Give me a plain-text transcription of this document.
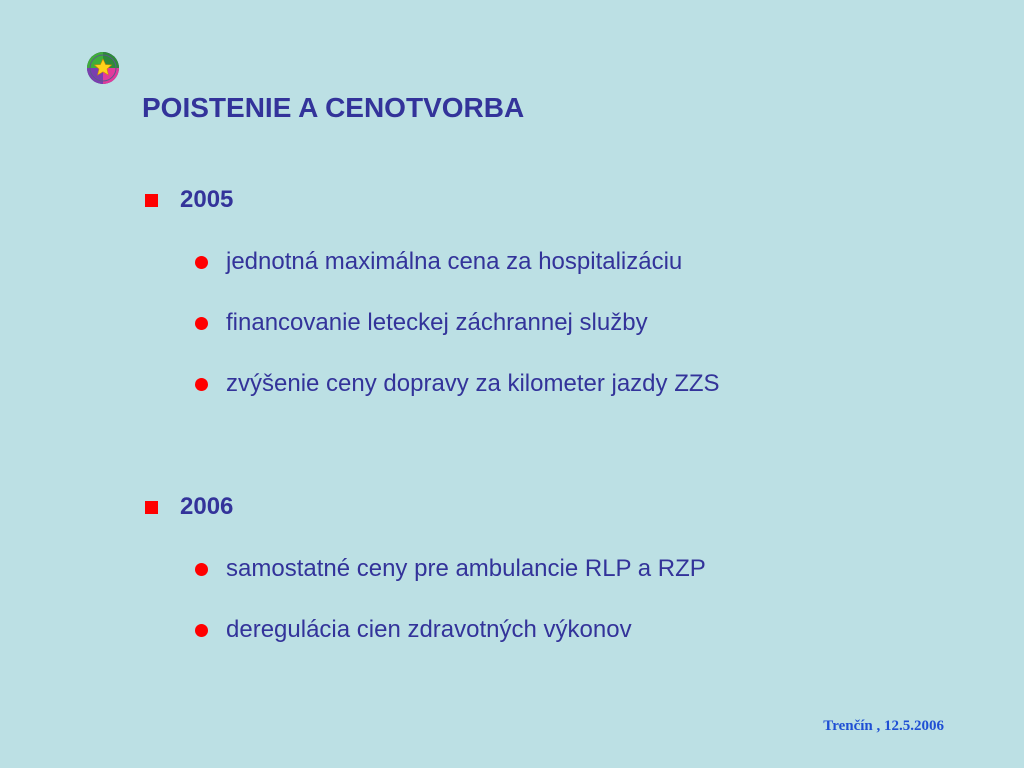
POISTENIE A CENOTVORBA
2005
jednotná maximálna cena za hospitalizáciu
financovanie leteckej záchrannej služby
zvýšenie ceny dopravy za kilometer jazdy ZZS
2006
samostatné ceny pre ambulancie RLP a RZP
deregulácia cien zdravotných výkonov
Trenčín , 12.5.2006
